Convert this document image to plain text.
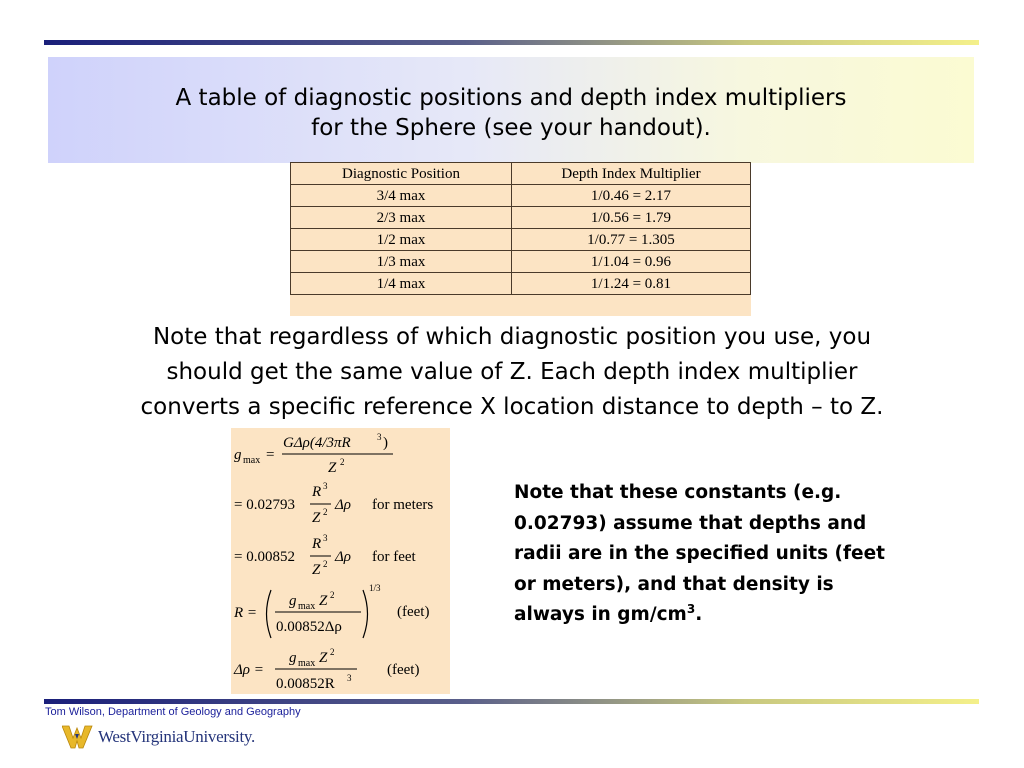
A table of diagnostic positions and depth index multipliers
for the Sphere (see your handout).
Diagnostic Position	Depth Index Multiplier
3/4 max	1/0.46 = 2.17
2/3 max	1/0.56 = 1.79
1/2 max	1/0.77 = 1.305
1/3 max	1/1.04 = 0.96
1/4 max	1/1.24 = 0.81
Note that regardless of which diagnostic position you use, you
should get the same value of Z. Each depth index multiplier
converts a specific reference X location distance to depth – to Z.
g max =
GΔρ(4/3πR	3 )
Z 2
= 0.02793
R 3
Z 2 Δρ for meters
= 0.00852
R 3
Z 2 Δρ for feet
R =
g max Z 2
0.00852Δρ
1/3
(feet)
Δρ =
g max Z 2
0.00852R 3 (feet)
Note that these constants (e.g. 0.02793) assume that depths and radii are in the specified units (feet or meters), and that density is always in $gm/cm^3$.
Tom Wilson, Department of Geology and Geography
WestVirginiaUniversity.
